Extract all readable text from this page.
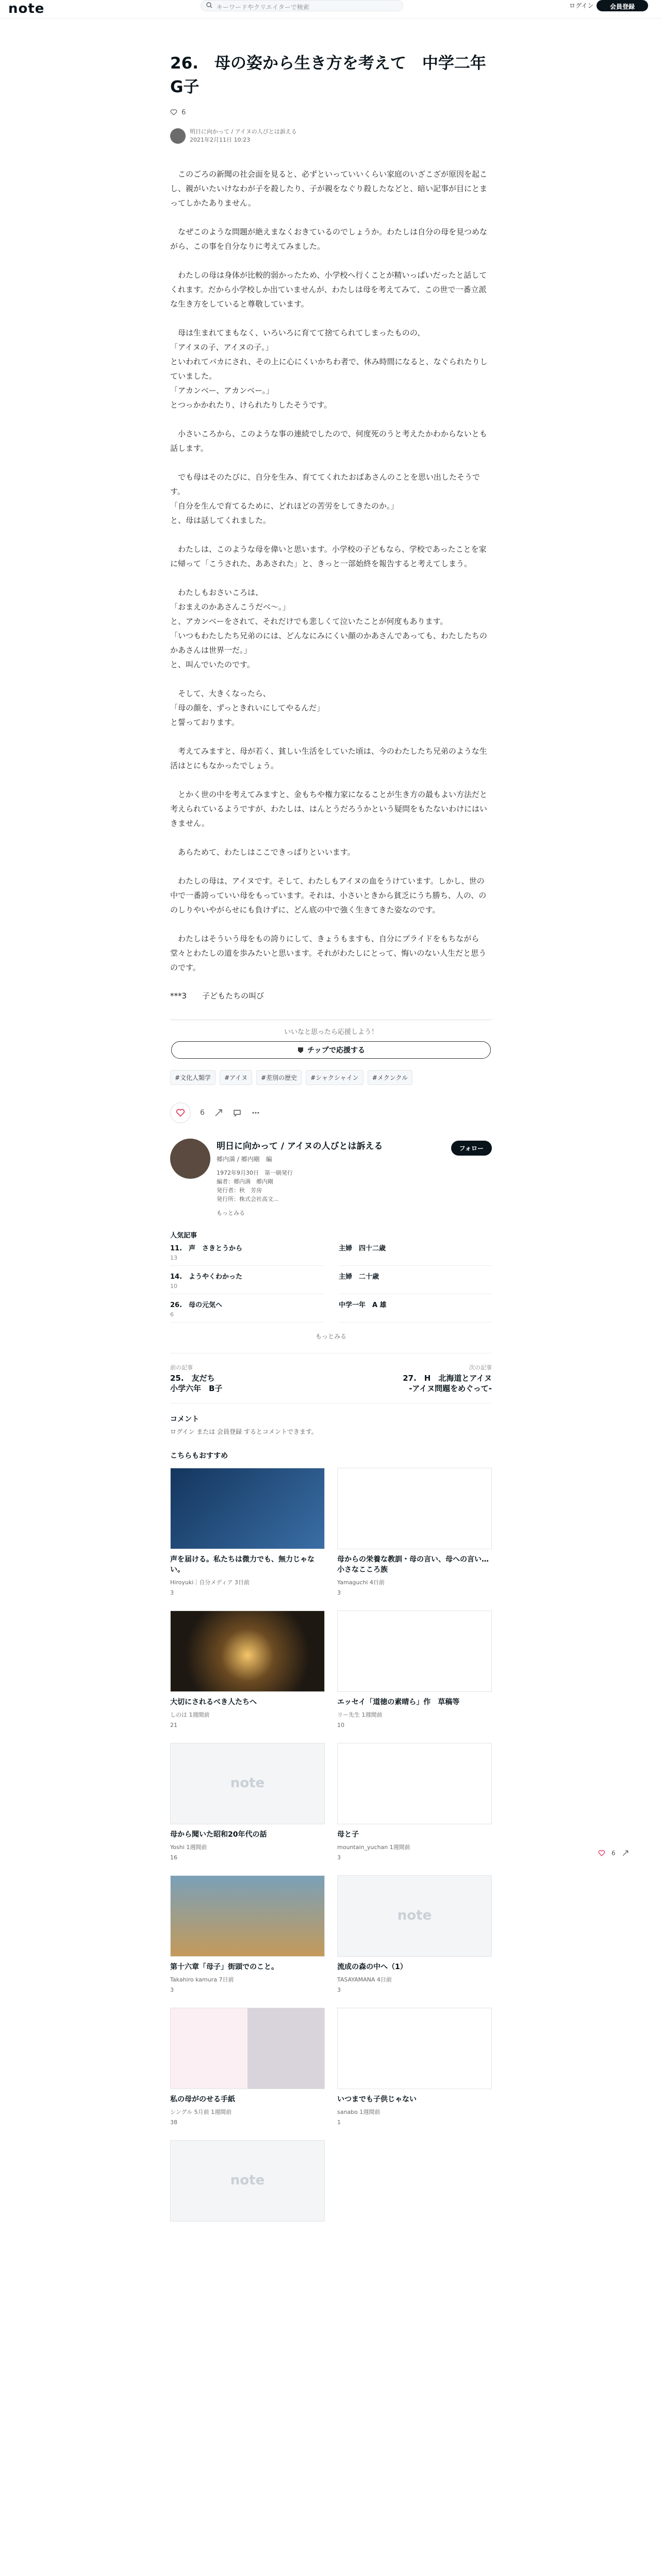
note	キーワードやクリエイターで検索	ログイン	会員登録
26.　母の姿から生き方を考えて　中学二年　G子
6
明日に向かって / アイヌの人びとは訴える
2021年2月11日 10:23

　このごろの新聞の社会面を見ると、必ずといっていいくらい家庭のいざこざが原因を起こし、親がいたいけなわが子を殺したり、子が親をなぐり殺したなどと、暗い記事が目にとまってしかたありません。

　なぜこのような問題が絶えまなくおきているのでしょうか。わたしは自分の母を見つめながら、この事を自分なりに考えてみました。

　わたしの母は身体が比較的弱かったため、小学校へ行くことが精いっぱいだったと話してくれます。だから小学校しか出ていませんが、わたしは母を考えてみて、この世で一番立派な生き方をしていると尊敬しています。

　母は生まれてまもなく、いろいろに育てて捨てられてしまったものの、
「アイヌの子、アイヌの子。」
といわれてバカにされ、その上に心にくいかちわ者で、休み時間になると、なぐられたりしていました。
「アカンベー、アカンベー。」
とつっかかれたり、けられたりしたそうです。

　小さいころから、このような事の連続でしたので、何度死のうと考えたかわからないとも話します。

　でも母はそのたびに、自分を生み、育ててくれたおばあさんのことを思い出したそうです。
「自分を生んで育てるために、どれほどの苦労をしてきたのか。」
と、母は話してくれました。

　わたしは、このような母を偉いと思います。小学校の子どもなら、学校であったことを家に帰って「こうされた、ああされた」と、きっと一部始終を報告すると考えてしまう。

　わたしもおさいころは、
「おまえのかあさんこうだべ〜。」
と、アカンベーをされて、それだけでも悲しくて泣いたことが何度もあります。
「いつもわたしたち兄弟のには、どんなにみにくい顔のかあさんであっても、わたしたちのかあさんは世界一だ。」
と、叫んでいたのです。

　そして、大きくなったら、
「母の顔を、ずっときれいにしてやるんだ」
と誓っております。

　考えてみますと、母が若く、貧しい生活をしていた頃は、今のわたしたち兄弟のような生活はとにもなかったでしょう。

　とかく世の中を考えてみますと、金もちや権力家になることが生き方の最もよい方法だと考えられているようですが、わたしは、はんとうだろうかという疑問をもたないわけにはいきません。

　あらためて、わたしはここできっぱりといいます。

　わたしの母は、アイヌです。そして、わたしもアイヌの血をうけています。しかし、世の中で一番誇っていい母をもっています。それは、小さいときから貧乏にうち勝ち、人の、ののしりやいやがらせにも負けずに、どん底の中で強く生きてきた姿なのです。

　わたしはそういう母をもの誇りにして、きょうもますも、自分にプライドをもちながら堂々とわたしの道を歩みたいと思います。それがわたしにとって、悔いのない人生だと思うのです。

***3　　子どもたちの叫び
いいなと思ったら応援しよう！
チップで応援する
#文化人類学	#アイヌ	#差別の歴史	#シャクシャイン	#メクンクル
6
明日に向かって / アイヌの人びとは訴える
郷内満 / 郷内剛　編
1972年9月30日　第一刷発行
編者：郷内満　郷内剛
発行者：秋　芳房
発行所：株式会社高文...
もっとみる
フォロー
人気記事
11.　声　さきとうから
13
主婦　四十二歳
14.　ようやくわかった
10
主婦　二十歳
26.　母の元気へ
6
中学一年　A 雄
もっとみる
前の記事
25.　友だち
小学六年　B子
次の記事
27.　H　北海道とアイヌ
-アイヌ問題をめぐって-
コメント
ログイン または 会員登録 するとコメントできます。
こちらもおすすめ
声を届ける。私たちは微力でも、無力じゃない。
Hiroyuki｜自分メディア 3日前
3
母からの栄養な教訓・母の言い、母への言い…小さなこころ族
Yamaguchi 4日前
3
大切にされるべき人たちへ
しのは 1週間前
21
エッセイ「道徳の素晴ら」作　草稿等
リー先生 1週間前
10
note
母から聞いた昭和20年代の話
Yoshi 1週間前
16
母と子
mountain_yuchan 1週間前
3
第十六章「母子」街頭でのこと。
Takahiro kamura 7日前
3
note
流成の森の中へ（1）
TASAYAMANA 4日前
3
私の母がのせる手紙
シングル 5月前 1週間前
38
いつまでも子供じゃない
sanabo 1週間前
1
note
6
